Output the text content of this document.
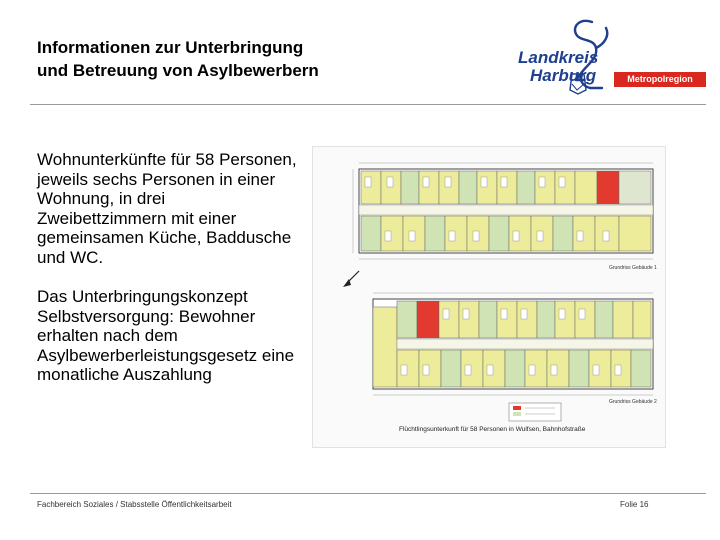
Informationen zur Unterbringung
und Betreuung von Asylbewerbern
Landkreis
Harburg	Metropolregion Hamburg

Wohnunterkünfte für 58 Personen, jeweils sechs Personen in einer Wohnung, in drei Zweibettzimmern mit einer gemeinsamen Küche, Baddusche und WC.

Das Unterbringungskonzept Selbstversorgung: Bewohner erhalten nach dem Asylbewerberleistungsgesetz eine monatliche Auszahlung

Grundriss Gebäude 1
Grundriss Gebäude 2
Flüchtlingsunterkunft für 58 Personen in Wulfsen, Bahnhofstraße
Fachbereich Soziales / Stabsstelle Öffentlichkeitsarbeit	Folie 16
